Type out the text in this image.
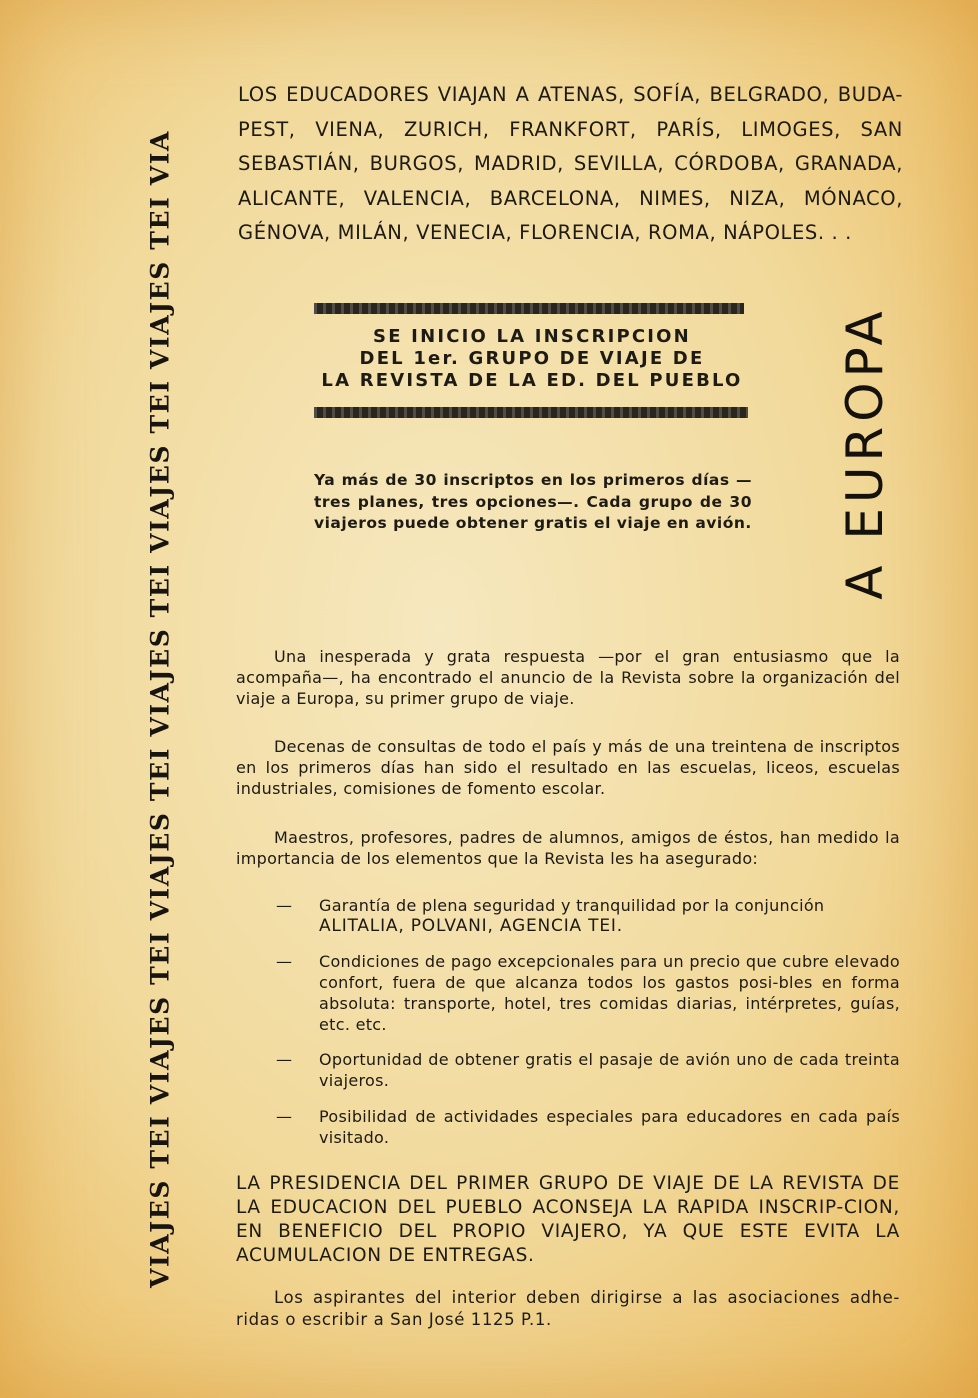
VIAJES TEI VIAJES TEI VIAJES TEI VIAJES TEI VIAJES TEI VIAJES TEI VIA

LOS EDUCADORES VIAJAN A ATENAS, SOFÍA, BELGRADO, BUDA-PEST, VIENA, ZURICH, FRANKFORT, PARÍS, LIMOGES, SAN SEBASTIÁN, BURGOS, MADRID, SEVILLA, CÓRDOBA, GRANADA, ALICANTE, VALENCIA, BARCELONA, NIMES, NIZA, MÓNACO, GÉNOVA, MILÁN, VENECIA, FLORENCIA, ROMA, NÁPOLES. . .

SE INICIO LA INSCRIPCION
DEL 1er. GRUPO DE VIAJE DE
LA REVISTA DE LA ED. DEL PUEBLO	A EUROPA

Ya más de 30 inscriptos en los primeros días —tres planes, tres opciones—. Cada grupo de 30 viajeros puede obtener gratis el viaje en avión.

Una inesperada y grata respuesta —por el gran entusiasmo que la acompaña—, ha encontrado el anuncio de la Revista sobre la organización del viaje a Europa, su primer grupo de viaje.

Decenas de consultas de todo el país y más de una treintena de inscriptos en los primeros días han sido el resultado en las escuelas, liceos, escuelas industriales, comisiones de fomento escolar.

Maestros, profesores, padres de alumnos, amigos de éstos, han medido la importancia de los elementos que la Revista les ha asegurado:

— Garantía de plena seguridad y tranquilidad por la conjunción
ALITALIA, POLVANI, AGENCIA TEI.
— Condiciones de pago excepcionales para un precio que cubre elevado confort, fuera de que alcanza todos los gastos posi-bles en forma absoluta: transporte, hotel, tres comidas diarias, intérpretes, guías, etc. etc.
— Oportunidad de obtener gratis el pasaje de avión uno de cada treinta viajeros.
— Posibilidad de actividades especiales para educadores en cada país visitado.

LA PRESIDENCIA DEL PRIMER GRUPO DE VIAJE DE LA REVISTA DE LA EDUCACION DEL PUEBLO ACONSEJA LA RAPIDA INSCRIP-CION, EN BENEFICIO DEL PROPIO VIAJERO, YA QUE ESTE EVITA LA ACUMULACION DE ENTREGAS.

Los aspirantes del interior deben dirigirse a las asociaciones adhe-ridas o escribir a San José 1125 P.1.
